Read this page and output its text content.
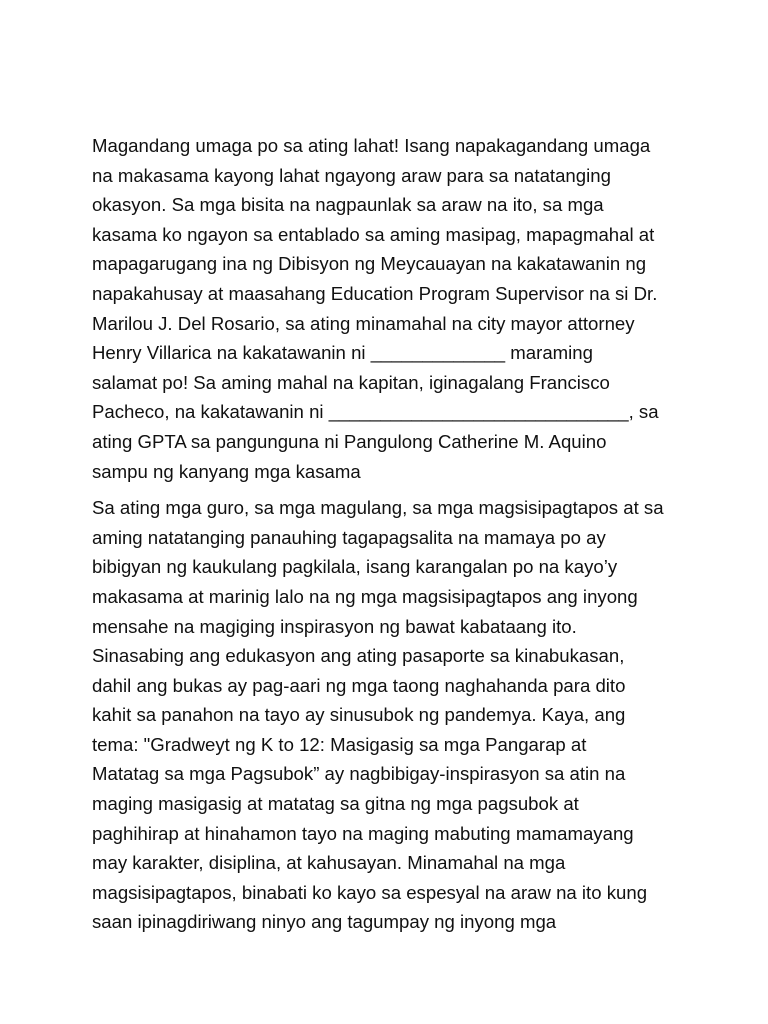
Magandang umaga po sa ating lahat! Isang napakagandang umaga
na makasama kayong lahat ngayong araw para sa natatanging
okasyon. Sa mga bisita na nagpaunlak sa araw na ito, sa mga
kasama ko ngayon sa entablado sa aming masipag, mapagmahal at
mapagarugang ina ng Dibisyon ng Meycauayan na kakatawanin ng
napakahusay at maasahang Education Program Supervisor na si Dr.
Marilou J. Del Rosario, sa ating minamahal na city mayor attorney
Henry Villarica na kakatawanin ni _____________ maraming
salamat po! Sa aming mahal na kapitan, iginagalang Francisco
Pacheco, na kakatawanin ni _____________________________, sa
ating GPTA sa pangunguna ni Pangulong Catherine M. Aquino
sampu ng kanyang mga kasama

Sa ating mga guro, sa mga magulang, sa mga magsisipagtapos at sa
aming natatanging panauhing tagapagsalita na mamaya po ay
bibigyan ng kaukulang pagkilala, isang karangalan po na kayo’y
makasama at marinig lalo na ng mga magsisipagtapos ang inyong
mensahe na magiging inspirasyon ng bawat kabataang ito.
Sinasabing ang edukasyon ang ating pasaporte sa kinabukasan,
dahil ang bukas ay pag-aari ng mga taong naghahanda para dito
kahit sa panahon na tayo ay sinusubok ng pandemya. Kaya, ang
tema: "Gradweyt ng K to 12: Masigasig sa mga Pangarap at
Matatag sa mga Pagsubok” ay nagbibigay-inspirasyon sa atin na
maging masigasig at matatag sa gitna ng mga pagsubok at
paghihirap at hinahamon tayo na maging mabuting mamamayang
may karakter, disiplina, at kahusayan. Minamahal na mga
magsisipagtapos, binabati ko kayo sa espesyal na araw na ito kung
saan ipinagdiriwang ninyo ang tagumpay ng inyong mga
